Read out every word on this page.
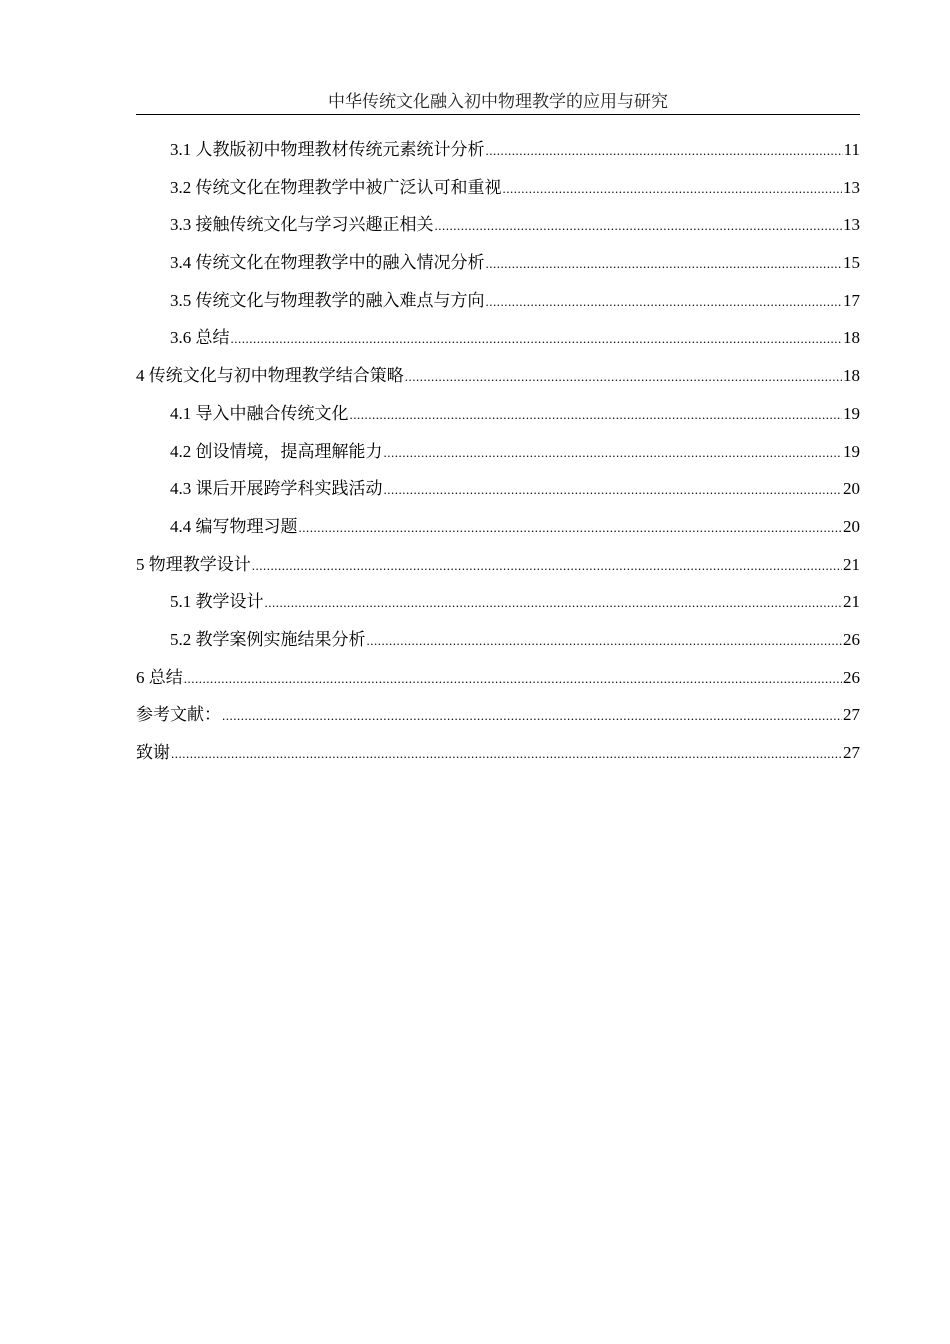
中华传统文化融入初中物理教学的应用与研究
3.1 人教版初中物理教材传统元素统计分析 .....	11
3.2 传统文化在物理教学中被广泛认可和重视 .....	13
3.3 接触传统文化与学习兴趣正相关 .....	13
3.4 传统文化在物理教学中的融入情况分析 .....	15
3.5 传统文化与物理教学的融入难点与方向 .....	17
3.6 总结 .....	18
4 传统文化与初中物理教学结合策略 .....	18
4.1 导入中融合传统文化 .....	19
4.2 创设情境，提高理解能力 .....	19
4.3 课后开展跨学科实践活动 .....	20
4.4 编写物理习题 .....	20
5 物理教学设计 .....	21
5.1 教学设计 .....	21
5.2 教学案例实施结果分析 .....	26
6 总结 .....	26
参考文献： .....	27
致谢 .....	27
